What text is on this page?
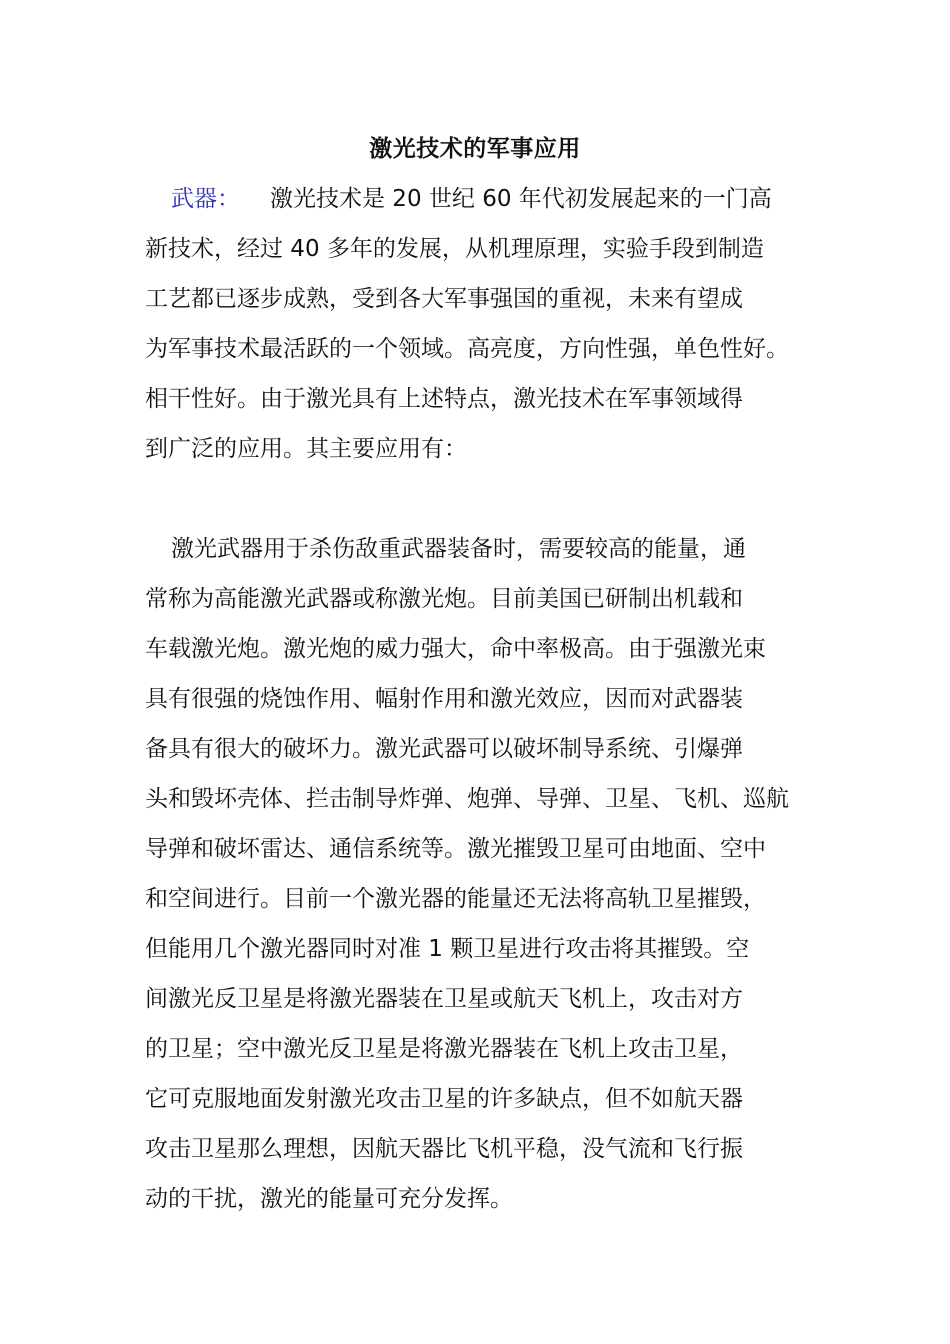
激光技术的军事应用
武器： 激光技术是 20 世纪 60 年代初发展起来的一门高
新技术，经过 40 多年的发展，从机理原理，实验手段到制造
工艺都已逐步成熟，受到各大军事强国的重视，未来有望成
为军事技术最活跃的一个领域。高亮度，方向性强，单色性好。
相干性好。由于激光具有上述特点，激光技术在军事领域得
到广泛的应用。其主要应用有：
激光武器用于杀伤敌重武器装备时，需要较高的能量，通
常称为高能激光武器或称激光炮。目前美国已研制出机载和
车载激光炮。激光炮的威力强大，命中率极高。由于强激光束
具有很强的烧蚀作用、幅射作用和激光效应，因而对武器装
备具有很大的破坏力。激光武器可以破坏制导系统、引爆弹
头和毁坏壳体、拦击制导炸弹、炮弹、导弹、卫星、飞机、巡航
导弹和破坏雷达、通信系统等。激光摧毁卫星可由地面、空中
和空间进行。目前一个激光器的能量还无法将高轨卫星摧毁，
但能用几个激光器同时对准 1 颗卫星进行攻击将其摧毁。空
间激光反卫星是将激光器装在卫星或航天飞机上，攻击对方
的卫星；空中激光反卫星是将激光器装在飞机上攻击卫星，
它可克服地面发射激光攻击卫星的许多缺点，但不如航天器
攻击卫星那么理想，因航天器比飞机平稳，没气流和飞行振
动的干扰，激光的能量可充分发挥。
